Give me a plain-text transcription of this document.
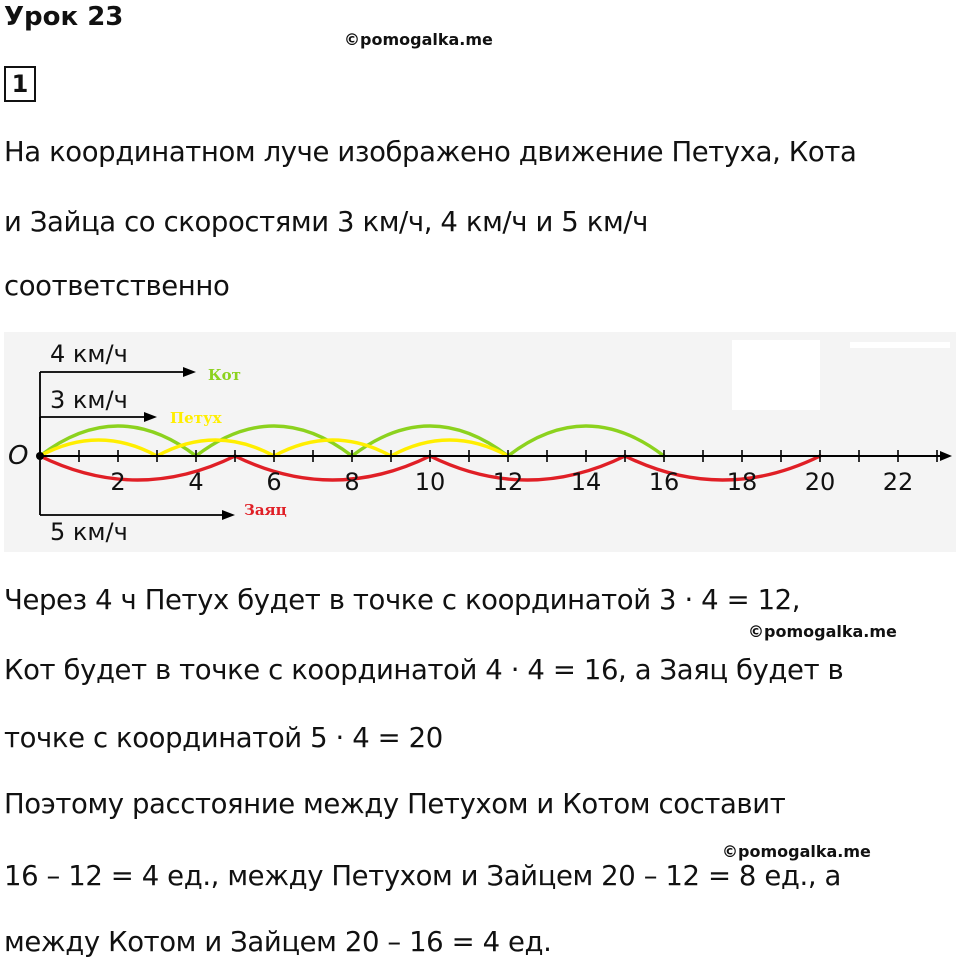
Урок 23
©pomogalka.me
1
На координатном луче изображено движение Петуха, Кота
и Зайца со скоростями 3 км/ч, 4 км/ч и 5 км/ч
соответственно
2	4	6	8 10 12 14 16 18 20 22
O
4 км/ч
Кот
3 км/ч
Петух
5 км/ч
Заяц
Через 4 ч Петух будет в точке с координатой 3 · 4 = 12,
©pomogalka.me
Кот будет в точке с координатой 4 · 4 = 16, а Заяц будет в
точке с координатой 5 · 4 = 20
Поэтому расстояние между Петухом и Котом составит
©pomogalka.me
16 – 12 = 4 ед., между Петухом и Зайцем 20 – 12 = 8 ед., а
между Котом и Зайцем 20 – 16 = 4 ед.
